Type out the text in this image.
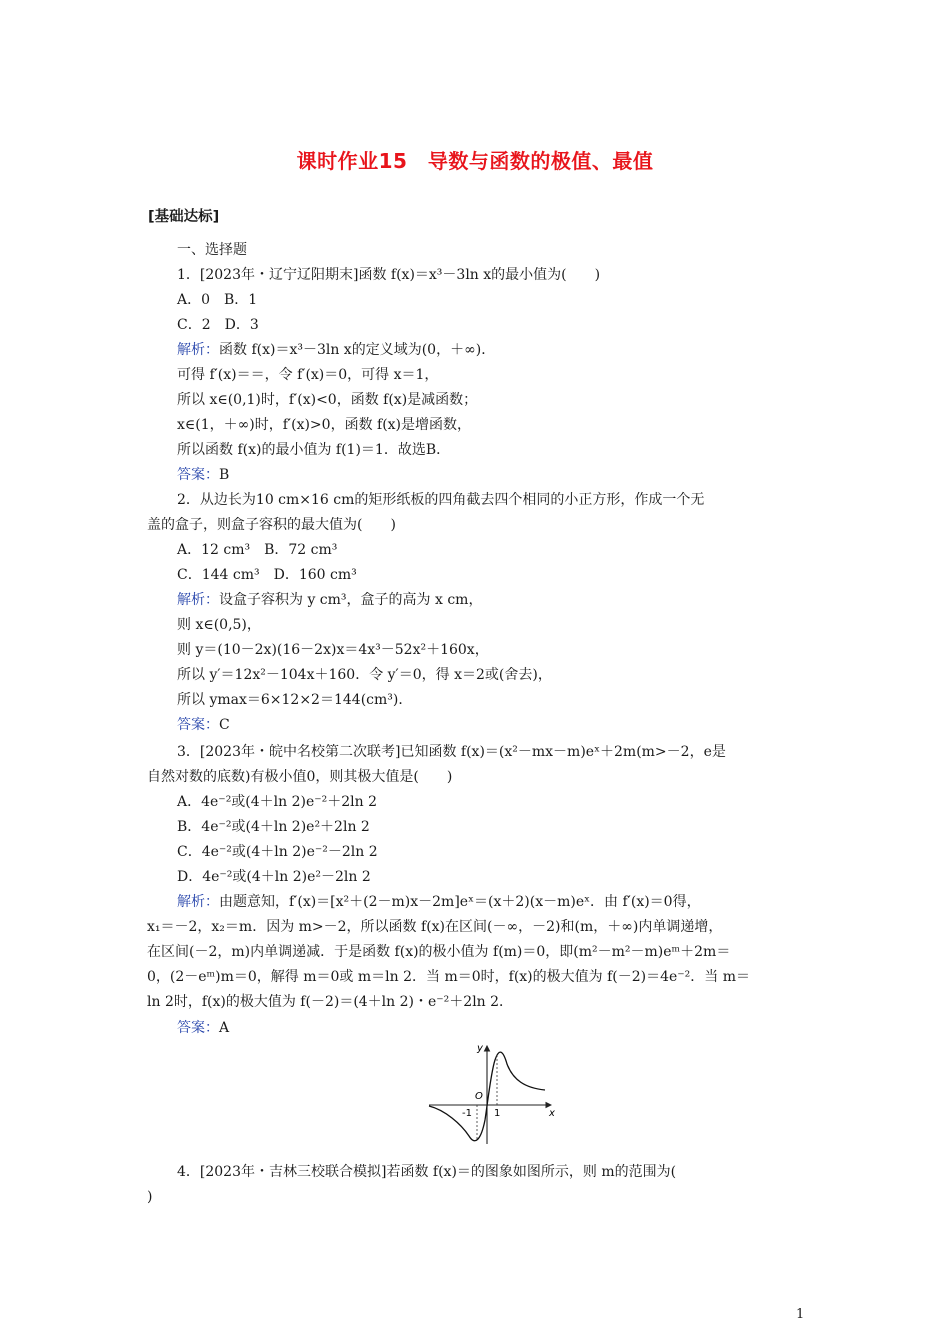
课时作业15　导数与函数的极值、最值
[基础达标]
一、选择题
1．[2023年・辽宁辽阳期末]函数 f(x)＝x³－3ln x的最小值为(　　)
A．0　B．1
C．2　D．3
解析：函数 f(x)＝x³－3ln x的定义域为(0，＋∞)．
可得 f′(x)＝＝，令 f′(x)＝0，可得 x＝1，
所以 x∈(0,1)时，f′(x)<0，函数 f(x)是减函数；
x∈(1，＋∞)时，f′(x)>0，函数 f(x)是增函数，
所以函数 f(x)的最小值为 f(1)＝1．故选B．
答案：B
2．从边长为10 cm×16 cm的矩形纸板的四角截去四个相同的小正方形，作成一个无
盖的盒子，则盒子容积的最大值为(　　)
A．12 cm³　B．72 cm³
C．144 cm³　D．160 cm³
解析：设盒子容积为 y cm³，盒子的高为 x cm，
则 x∈(0,5)，
则 y＝(10－2x)(16－2x)x＝4x³－52x²＋160x，
所以 y′＝12x²－104x＋160．令 y′＝0，得 x＝2或(舍去)，
所以 ymax＝6×12×2＝144(cm³)．
答案：C
3．[2023年・皖中名校第二次联考]已知函数 f(x)＝(x²－mx－m)eˣ＋2m(m>－2，e是
自然对数的底数)有极小值0，则其极大值是(　　)
A．4e⁻²或(4＋ln 2)e⁻²＋2ln 2
B．4e⁻²或(4＋ln 2)e²＋2ln 2
C．4e⁻²或(4＋ln 2)e⁻²－2ln 2
D．4e⁻²或(4＋ln 2)e²－2ln 2
解析：由题意知，f′(x)＝[x²＋(2－m)x－2m]eˣ＝(x＋2)(x－m)eˣ．由 f′(x)＝0得，
x₁＝－2，x₂＝m．因为 m>－2，所以函数 f(x)在区间(－∞，－2)和(m，＋∞)内单调递增，
在区间(－2，m)内单调递减．于是函数 f(x)的极小值为 f(m)＝0，即(m²－m²－m)eᵐ＋2m＝
0，(2－eᵐ)m＝0，解得 m＝0或 m＝ln 2．当 m＝0时，f(x)的极大值为 f(－2)＝4e⁻²．当 m＝
ln 2时，f(x)的极大值为 f(－2)＝(4＋ln 2)・e⁻²＋2ln 2．
答案：A
y
x
O
-1 1
4．[2023年・吉林三校联合模拟]若函数 f(x)＝的图象如图所示，则 m的范围为(
)
1
